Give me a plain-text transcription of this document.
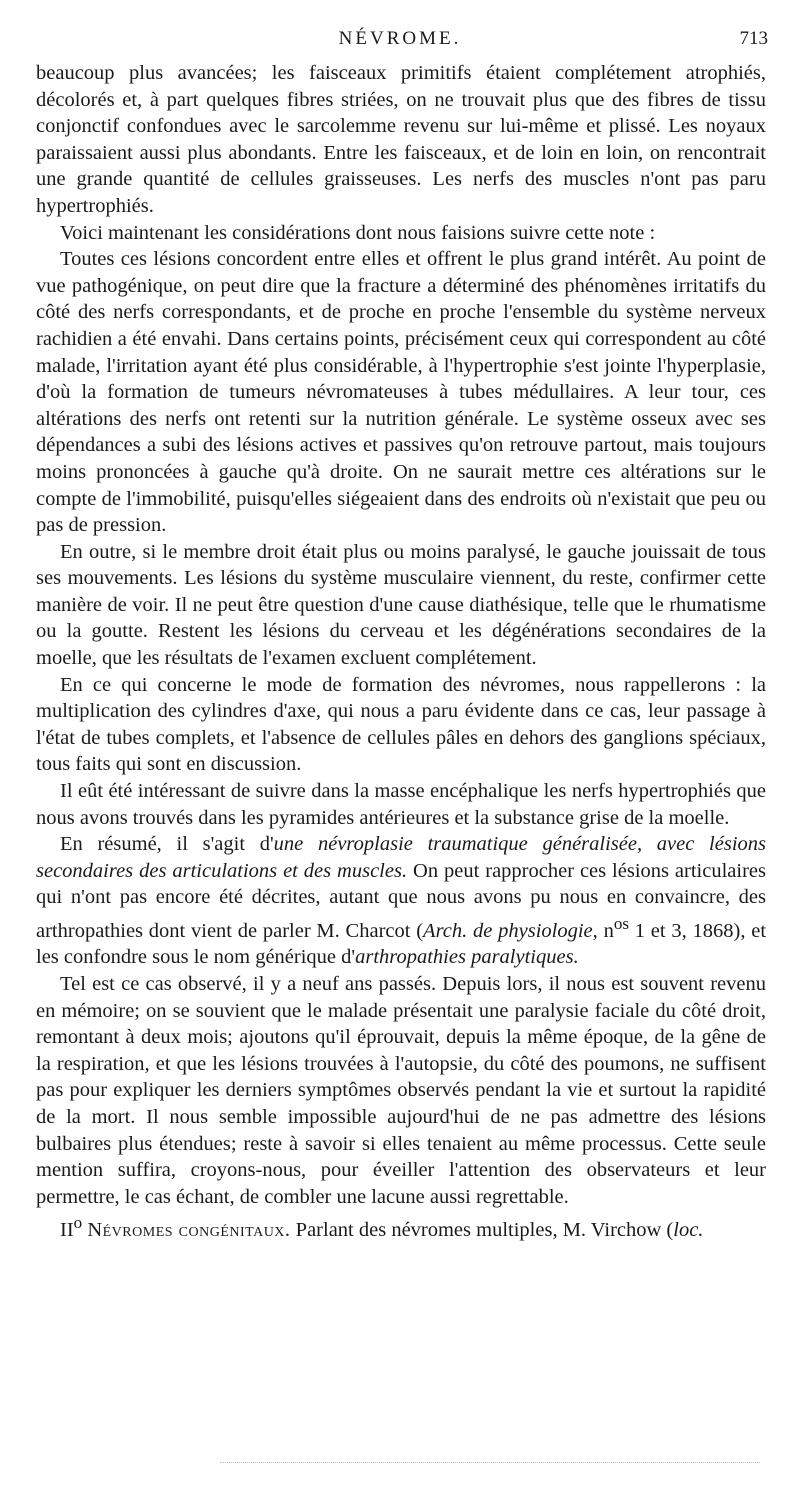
NÉVROME.	713

beaucoup plus avancées; les faisceaux primitifs étaient complétement atrophiés, décolorés et, à part quelques fibres striées, on ne trouvait plus que des fibres de tissu conjonctif confondues avec le sarcolemme revenu sur lui-même et plissé. Les noyaux paraissaient aussi plus abondants. Entre les faisceaux, et de loin en loin, on rencontrait une grande quantité de cellules graisseuses. Les nerfs des muscles n'ont pas paru hypertrophiés.

Voici maintenant les considérations dont nous faisions suivre cette note :

Toutes ces lésions concordent entre elles et offrent le plus grand intérêt. Au point de vue pathogénique, on peut dire que la fracture a déterminé des phénomènes irritatifs du côté des nerfs correspondants, et de proche en proche l'ensemble du système nerveux rachidien a été envahi. Dans certains points, précisément ceux qui correspondent au côté malade, l'irritation ayant été plus considérable, à l'hypertrophie s'est jointe l'hyperplasie, d'où la formation de tumeurs névromateuses à tubes médullaires. A leur tour, ces altérations des nerfs ont retenti sur la nutrition générale. Le système osseux avec ses dépendances a subi des lésions actives et passives qu'on retrouve partout, mais toujours moins prononcées à gauche qu'à droite. On ne saurait mettre ces altérations sur le compte de l'immobilité, puisqu'elles siégeaient dans des endroits où n'existait que peu ou pas de pression.

En outre, si le membre droit était plus ou moins paralysé, le gauche jouissait de tous ses mouvements. Les lésions du système musculaire viennent, du reste, confirmer cette manière de voir. Il ne peut être question d'une cause diathésique, telle que le rhumatisme ou la goutte. Restent les lésions du cerveau et les dégénérations secondaires de la moelle, que les résultats de l'examen excluent complétement.

En ce qui concerne le mode de formation des névromes, nous rappellerons : la multiplication des cylindres d'axe, qui nous a paru évidente dans ce cas, leur passage à l'état de tubes complets, et l'absence de cellules pâles en dehors des ganglions spéciaux, tous faits qui sont en discussion.

Il eût été intéressant de suivre dans la masse encéphalique les nerfs hypertrophiés que nous avons trouvés dans les pyramides antérieures et la substance grise de la moelle.

En résumé, il s'agit d'une névroplasie traumatique généralisée, avec lésions secondaires des articulations et des muscles. On peut rapprocher ces lésions articulaires qui n'ont pas encore été décrites, autant que nous avons pu nous en convaincre, des arthropathies dont vient de parler M. Charcot (Arch. de physiologie, $n^{os}$ 1 et 3, 1868), et les confondre sous le nom générique d'arthropathies paralytiques.

Tel est ce cas observé, il y a neuf ans passés. Depuis lors, il nous est souvent revenu en mémoire; on se souvient que le malade présentait une paralysie faciale du côté droit, remontant à deux mois; ajoutons qu'il éprouvait, depuis la même époque, de la gêne de la respiration, et que les lésions trouvées à l'autopsie, du côté des poumons, ne suffisent pas pour expliquer les derniers symptômes observés pendant la vie et surtout la rapidité de la mort. Il nous semble impossible aujourd'hui de ne pas admettre des lésions bulbaires plus étendues; reste à savoir si elles tenaient au même processus. Cette seule mention suffira, croyons-nous, pour éveiller l'attention des observateurs et leur permettre, le cas échant, de combler une lacune aussi regrettable.

$II^o$ Névromes congénitaux. Parlant des névromes multiples, M. Virchow (loc.
